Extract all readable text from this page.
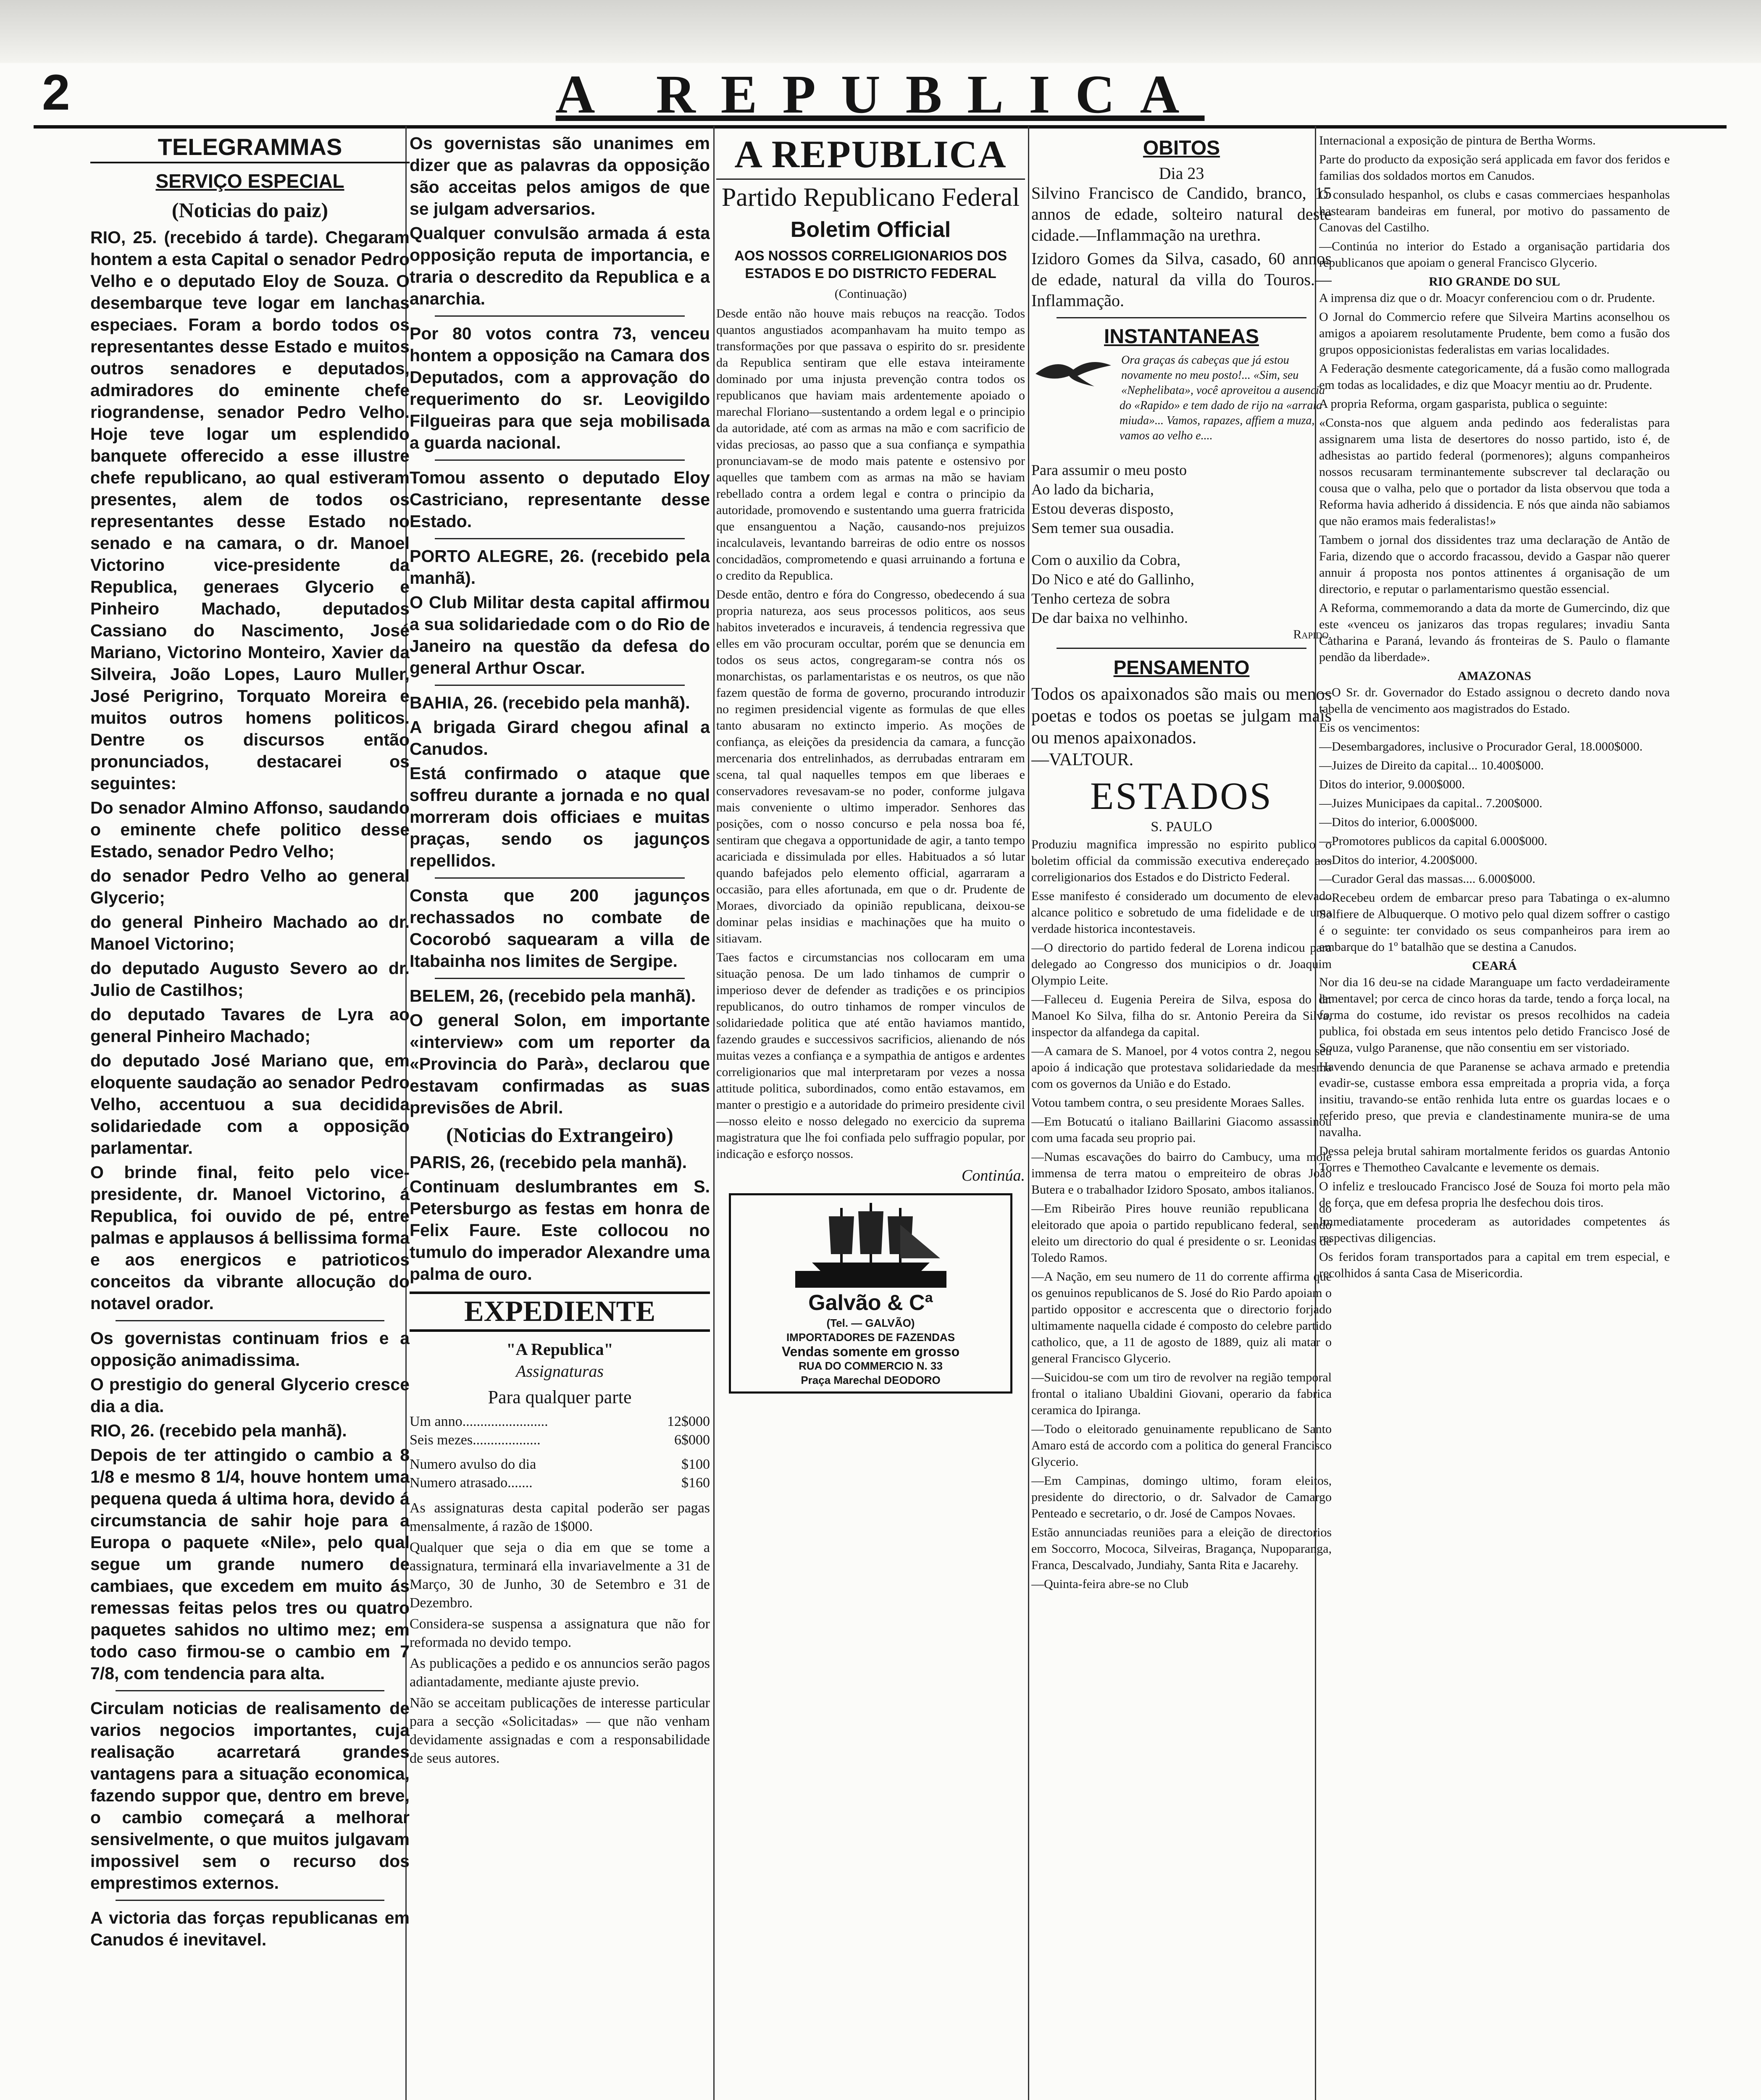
2	A REPUBLICA
TELEGRAMMAS
SERVIÇO ESPECIAL
(Noticias do paiz)

RIO, 25. (recebido á tarde). Chegaram hontem a esta Capital o senador Pedro Velho e o deputado Eloy de Souza. O desembarque teve logar em lanchas especiaes. Foram a bordo todos os representantes desse Estado e muitos outros senadores e deputados, admiradores do eminente chefe riograndense, senador Pedro Velho. Hoje teve logar um esplendido banquete offerecido a esse illustre chefe republicano, ao qual estiveram presentes, alem de todos os representantes desse Estado no senado e na camara, o dr. Manoel Victorino vice-presidente da Republica, generaes Glycerio e Pinheiro Machado, deputados Cassiano do Nascimento, José Mariano, Victorino Monteiro, Xavier da Silveira, João Lopes, Lauro Muller, José Perigrino, Torquato Moreira e muitos outros homens politicos. Dentre os discursos então pronunciados, destacarei os seguintes:

Do senador Almino Affonso, saudando o eminente chefe politico desse Estado, senador Pedro Velho;

do senador Pedro Velho ao general Glycerio;

do general Pinheiro Machado ao dr. Manoel Victorino;

do deputado Augusto Severo ao dr. Julio de Castilhos;

do deputado Tavares de Lyra ao general Pinheiro Machado;

do deputado José Mariano que, em eloquente saudação ao senador Pedro Velho, accentuou a sua decidida solidariedade com a opposição parlamentar.

O brinde final, feito pelo vice-presidente, dr. Manoel Victorino, á Republica, foi ouvido de pé, entre palmas e applausos á bellissima forma e aos energicos e patrioticos conceitos da vibrante allocução do notavel orador.

Os governistas continuam frios e a opposição animadissima.

O prestigio do general Glycerio cresce dia a dia.

RIO, 26. (recebido pela manhã).

Depois de ter attingido o cambio a 8 1/8 e mesmo 8 1/4, houve hontem uma pequena queda á ultima hora, devido á circumstancia de sahir hoje para a Europa o paquete «Nile», pelo qual segue um grande numero de cambiaes, que excedem em muito ás remessas feitas pelos tres ou quatro paquetes sahidos no ultimo mez; em todo caso firmou-se o cambio em 7 7/8, com tendencia para alta.

Circulam noticias de realisamento de varios negocios importantes, cuja realisação acarretará grandes vantagens para a situação economica, fazendo suppor que, dentro em breve, o cambio começará a melhorar sensivelmente, o que muitos julgavam impossivel sem o recurso dos emprestimos externos.

A victoria das forças republicanas em Canudos é inevitavel.

Os governistas são unanimes em dizer que as palavras da opposição são acceitas pelos amigos de que se julgam adversarios.

Qualquer convulsão armada á esta opposição reputa de importancia, e traria o descredito da Republica e a anarchia.

Por 80 votos contra 73, venceu hontem a opposição na Camara dos Deputados, com a approvação do requerimento do sr. Leovigildo Filgueiras para que seja mobilisada a guarda nacional.

Tomou assento o deputado Eloy Castriciano, representante desse Estado.

PORTO ALEGRE, 26. (recebido pela manhã).

O Club Militar desta capital affirmou a sua solidariedade com o do Rio de Janeiro na questão da defesa do general Arthur Oscar.

BAHIA, 26. (recebido pela manhã).

A brigada Girard chegou afinal a Canudos.

Está confirmado o ataque que soffreu durante a jornada e no qual morreram dois officiaes e muitas praças, sendo os jagunços repellidos.

Consta que 200 jagunços rechassados no combate de Cocorobó saquearam a villa de Itabainha nos limites de Sergipe.

BELEM, 26, (recebido pela manhã).

O general Solon, em importante «interview» com um reporter da «Provincia do Parà», declarou que estavam confirmadas as suas previsões de Abril.

(Noticias do Extrangeiro)

PARIS, 26, (recebido pela manhã).

Continuam deslumbrantes em S. Petersburgo as festas em honra de Felix Faure. Este collocou no tumulo do imperador Alexandre uma palma de ouro.

EXPEDIENTE
"A Republica"
Assignaturas
Para qualquer parte
Um anno........................	12$000
Seis mezes...................	6$000
Numero avulso do dia	$100
Numero atrasado.......	$160

As assignaturas desta capital poderão ser pagas mensalmente, á razão de 1$000.

Qualquer que seja o dia em que se tome a assignatura, terminará ella invariavelmente a 31 de Março, 30 de Junho, 30 de Setembro e 31 de Dezembro.

Considera-se suspensa a assignatura que não for reformada no devido tempo.

As publicações a pedido e os annuncios serão pagos adiantadamente, mediante ajuste previo.

Não se acceitam publicações de interesse particular para a secção «Solicitadas» — que não venham devidamente assignadas e com a responsabilidade de seus autores.

A REPUBLICA
Partido Republicano Federal
Boletim Official
AOS NOSSOS CORRELIGIONARIOS DOS ESTADOS E DO DISTRICTO FEDERAL
(Continuação)

Desde então não houve mais rebuços na reacção. Todos quantos angustiados acompanhavam ha muito tempo as transformações por que passava o espirito do sr. presidente da Republica sentiram que elle estava inteiramente dominado por uma injusta prevenção contra todos os republicanos que haviam mais ardentemente apoiado o marechal Floriano—sustentando a ordem legal e o principio da autoridade, até com as armas na mão e com sacrificio de vidas preciosas, ao passo que a sua confiança e sympathia pronunciavam-se de modo mais patente e ostensivo por aquelles que tambem com as armas na mão se haviam rebellado contra a ordem legal e contra o principio da autoridade, promovendo e sustentando uma guerra fratricida que ensanguentou a Nação, causando-nos prejuizos incalculaveis, levantando barreiras de odio entre os nossos concidadãos, comprometendo e quasi arruinando a fortuna e o credito da Republica.

Desde então, dentro e fóra do Congresso, obedecendo á sua propria natureza, aos seus processos politicos, aos seus habitos inveterados e incuraveis, á tendencia regressiva que elles em vão procuram occultar, porém que se denuncia em todos os seus actos, congregaram-se contra nós os monarchistas, os parlamentaristas e os neutros, os que não fazem questão de forma de governo, procurando introduzir no regimen presidencial vigente as formulas de que elles tanto abusaram no extincto imperio. As moções de confiança, as eleições da presidencia da camara, a funcção mercenaria dos entrelinhados, as derrubadas entraram em scena, tal qual naquelles tempos em que liberaes e conservadores revesavam-se no poder, conforme julgava mais conveniente o ultimo imperador. Senhores das posições, com o nosso concurso e pela nossa boa fé, sentiram que chegava a opportunidade de agir, a tanto tempo acariciada e dissimulada por elles. Habituados a só lutar quando bafejados pelo elemento official, agarraram a occasião, para elles afortunada, em que o dr. Prudente de Moraes, divorciado da opinião republicana, deixou-se dominar pelas insidias e machinações que ha muito o sitiavam.

Taes factos e circumstancias nos collocaram em uma situação penosa. De um lado tinhamos de cumprir o imperioso dever de defender as tradições e os principios republicanos, do outro tinhamos de romper vinculos de solidariedade politica que até então haviamos mantido, fazendo graudes e successivos sacrificios, alienando de nós muitas vezes a confiança e a sympathia de antigos e ardentes correligionarios que mal interpretaram por vezes a nossa attitude politica, subordinados, como então estavamos, em manter o prestigio e a autoridade do primeiro presidente civil—nosso eleito e nosso delegado no exercicio da suprema magistratura que lhe foi confiada pelo suffragio popular, por indicação e esforço nossos.

Continúa.
Galvão & Cª
(Tel. — GALVÃO)
IMPORTADORES DE FAZENDAS
Vendas somente em grosso
RUA DO COMMERCIO N. 33
Praça Marechal DEODORO
OBITOS
Dia 23

Silvino Francisco de Candido, branco, 15 annos de edade, solteiro natural deste cidade.—Inflammação na urethra.

Izidoro Gomes da Silva, casado, 60 annos de edade, natural da villa do Touros.—Inflammação.

INSTANTANEAS
Ora graças ás cabeças que já estou novamente no meu posto!... «Sim, seu «Nephelibata», você aproveitou a ausencia do «Rapido» e tem dado de rijo na «arraia miuda»... Vamos, rapazes, affiem a muza, vamos ao velho e....
Para assumir o meu posto
Ao lado da bicharia,
Estou deveras disposto,
Sem temer sua ousadia.
Com o auxilio da Cobra,
Do Nico e até do Gallinho,
Tenho certeza de sobra
De dar baixa no velhinho.
Rapido.
PENSAMENTO
Todos os apaixonados são mais ou menos poetas e todos os poetas se julgam mais ou menos apaixonados.
—VALTOUR.
ESTADOS
S. PAULO

Produziu magnifica impressão no espirito publico o boletim official da commissão executiva endereçado aos correligionarios dos Estados e do Districto Federal.

Esse manifesto é considerado um documento de elevado alcance politico e sobretudo de uma fidelidade e de uma verdade historica incontestaveis.

—O directorio do partido federal de Lorena indicou para delegado ao Congresso dos municipios o dr. Joaquim Olympio Leite.

—Falleceu d. Eugenia Pereira de Silva, esposa do dr. Manoel Ko Silva, filha do sr. Antonio Pereira da Silva, inspector da alfandega da capital.

—A camara de S. Manoel, por 4 votos contra 2, negou seu apoio á indicação que protestava solidariedade da mesma com os governos da União e do Estado.

Votou tambem contra, o seu presidente Moraes Salles.

—Em Botucatú o italiano Baillarini Giacomo assassinou com uma facada seu proprio pai.

—Numas escavações do bairro do Cambucy, uma mole immensa de terra matou o empreiteiro de obras João Butera e o trabalhador Izidoro Sposato, ambos italianos.

—Em Ribeirão Pires houve reunião republicana do eleitorado que apoia o partido republicano federal, sendo eleito um directorio do qual é presidente o sr. Leonidas de Toledo Ramos.

—A Nação, em seu numero de 11 do corrente affirma que os genuinos republicanos de S. José do Rio Pardo apoiam o partido oppositor e accrescenta que o directorio forjado ultimamente naquella cidade é composto do celebre partido catholico, que, a 11 de agosto de 1889, quiz ali matar o general Francisco Glycerio.

—Suicidou-se com um tiro de revolver na região temporal frontal o italiano Ubaldini Giovani, operario da fabrica ceramica do Ipiranga.

—Todo o eleitorado genuinamente republicano de Santo Amaro está de accordo com a politica do general Francisco Glycerio.

—Em Campinas, domingo ultimo, foram eleitos, presidente do directorio, o dr. Salvador de Camargo Penteado e secretario, o dr. José de Campos Novaes.

Estão annunciadas reuniões para a eleição de directorios em Soccorro, Mococa, Silveiras, Bragança, Nupoparanga, Franca, Descalvado, Jundiahy, Santa Rita e Jacarehy.

—Quinta-feira abre-se no Club

Internacional a exposição de pintura de Bertha Worms.

Parte do producto da exposição será applicada em favor dos feridos e familias dos soldados mortos em Canudos.

O consulado hespanhol, os clubs e casas commerciaes hespanholas hastearam bandeiras em funeral, por motivo do passamento de Canovas del Castilho.

—Continúa no interior do Estado a organisação partidaria dos republicanos que apoiam o general Francisco Glycerio.

RIO GRANDE DO SUL

A imprensa diz que o dr. Moacyr conferenciou com o dr. Prudente.

O Jornal do Commercio refere que Silveira Martins aconselhou os amigos a apoiarem resolutamente Prudente, bem como a fusão dos grupos opposicionistas federalistas em varias localidades.

A Federação desmente categoricamente, dá a fusão como mallograda em todas as localidades, e diz que Moacyr mentiu ao dr. Prudente.

A propria Reforma, orgam gasparista, publica o seguinte:

«Consta-nos que alguem anda pedindo aos federalistas para assignarem uma lista de desertores do nosso partido, isto é, de adhesistas ao partido federal (pormenores); alguns companheiros nossos recusaram terminantemente subscrever tal declaração ou cousa que o valha, pelo que o portador da lista observou que toda a Reforma havia adherido á dissidencia. E nós que ainda não sabiamos que não eramos mais federalistas!»

Tambem o jornal dos dissidentes traz uma declaração de Antão de Faria, dizendo que o accordo fracassou, devido a Gaspar não querer annuir á proposta nos pontos attinentes á organisação de um directorio, e reputar o parlamentarismo questão essencial.

A Reforma, commemorando a data da morte de Gumercindo, diz que este «venceu os janizaros das tropas regulares; invadiu Santa Catharina e Paraná, levando ás fronteiras de S. Paulo o flamante pendão da liberdade».

AMAZONAS

—O Sr. dr. Governador do Estado assignou o decreto dando nova tabella de vencimento aos magistrados do Estado.

Eis os vencimentos:

—Desembargadores, inclusive o Procurador Geral, 18.000$000.

—Juizes de Direito da capital... 10.400$000.

Ditos do interior, 9.000$000.

—Juizes Municipaes da capital.. 7.200$000.

—Ditos do interior, 6.000$000.

—Promotores publicos da capital 6.000$000.

—Ditos do interior, 4.200$000.

—Curador Geral das massas.... 6.000$000.

—Recebeu ordem de embarcar preso para Tabatinga o ex-alumno Solfiere de Albuquerque. O motivo pelo qual dizem soffrer o castigo é o seguinte: ter convidado os seus companheiros para irem ao embarque do 1º batalhão que se destina a Canudos.

CEARÁ

Nor dia 16 deu-se na cidade Maranguape um facto verdadeiramente lamentavel; por cerca de cinco horas da tarde, tendo a força local, na forma do costume, ido revistar os presos recolhidos na cadeia publica, foi obstada em seus intentos pelo detido Francisco José de Souza, vulgo Paranense, que não consentiu em ser vistoriado.

Havendo denuncia de que Paranense se achava armado e pretendia evadir-se, custasse embora essa empreitada a propria vida, a força insitiu, travando-se então renhida luta entre os guardas locaes e o referido preso, que previa e clandestinamente munira-se de uma navalha.

Dessa peleja brutal sahiram mortalmente feridos os guardas Antonio Torres e Themotheo Cavalcante e levemente os demais.

O infeliz e tresloucado Francisco José de Souza foi morto pela mão de força, que em defesa propria lhe desfechou dois tiros.

Immediatamente procederam as autoridades competentes ás respectivas diligencias.

Os feridos foram transportados para a capital em trem especial, e recolhidos á santa Casa de Misericordia.
